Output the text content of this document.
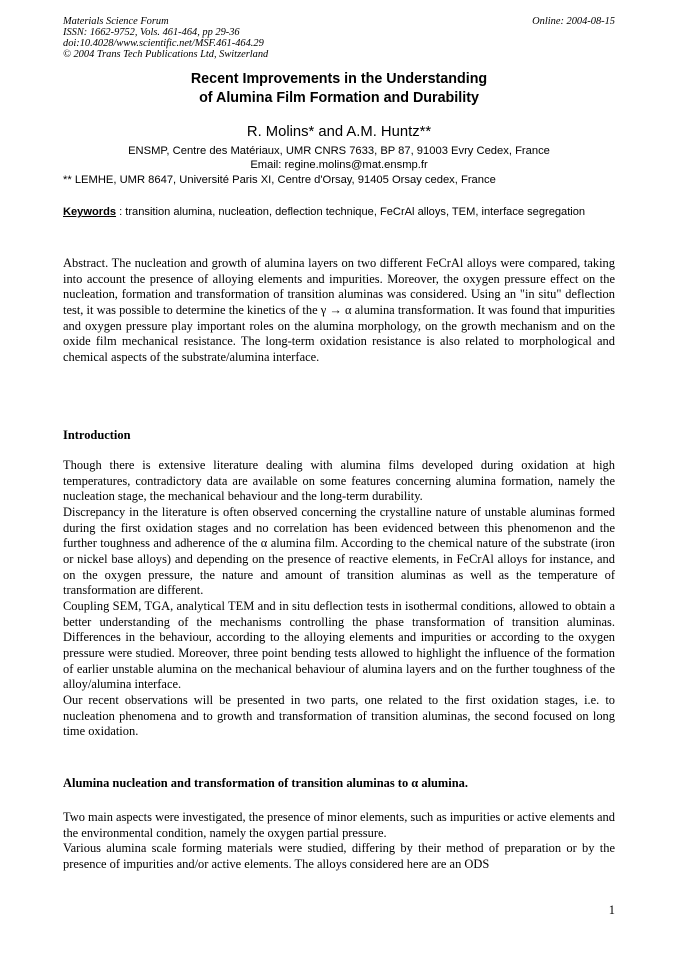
Materials Science Forum
ISSN: 1662-9752, Vols. 461-464, pp 29-36
doi:10.4028/www.scientific.net/MSF.461-464.29
© 2004 Trans Tech Publications Ltd, Switzerland
Online: 2004-08-15
Recent Improvements in the Understanding
of Alumina Film Formation and Durability
R. Molins* and A.M. Huntz**
ENSMP, Centre des Matériaux, UMR CNRS 7633, BP 87, 91003 Evry Cedex, France
Email: regine.molins@mat.ensmp.fr
** LEMHE, UMR 8647, Université Paris XI, Centre d'Orsay, 91405 Orsay cedex, France
Keywords : transition alumina, nucleation, deflection technique, FeCrAl alloys, TEM, interface segregation

Abstract. The nucleation and growth of alumina layers on two different FeCrAl alloys were compared, taking into account the presence of alloying elements and impurities. Moreover, the oxygen pressure effect on the nucleation, formation and transformation of transition aluminas was considered. Using an "in situ" deflection test, it was possible to determine the kinetics of the γ → α alumina transformation. It was found that impurities and oxygen pressure play important roles on the alumina morphology, on the growth mechanism and on the oxide film mechanical resistance. The long-term oxidation resistance is also related to morphological and chemical aspects of the substrate/alumina interface.

Introduction

Though there is extensive literature dealing with alumina films developed during oxidation at high temperatures, contradictory data are available on some features concerning alumina formation, namely the nucleation stage, the mechanical behaviour and the long-term durability.

Discrepancy in the literature is often observed concerning the crystalline nature of unstable aluminas formed during the first oxidation stages and no correlation has been evidenced between this phenomenon and the further toughness and adherence of the α alumina film. According to the chemical nature of the substrate (iron or nickel base alloys) and depending on the presence of reactive elements, in FeCrAl alloys for instance, and on the oxygen pressure, the nature and amount of transition aluminas as well as the temperature of transformation are different.

Coupling SEM, TGA, analytical TEM and in situ deflection tests in isothermal conditions, allowed to obtain a better understanding of the mechanisms controlling the phase transformation of transition aluminas. Differences in the behaviour, according to the alloying elements and impurities or according to the oxygen pressure were studied. Moreover, three point bending tests allowed to highlight the influence of the formation of earlier unstable alumina on the mechanical behaviour of alumina layers and on the further toughness of the alloy/alumina interface.

Our recent observations will be presented in two parts, one related to the first oxidation stages, i.e. to nucleation phenomena and to growth and transformation of transition aluminas, the second focused on long time oxidation.

Alumina nucleation and transformation of transition aluminas to α alumina.

Two main aspects were investigated, the presence of minor elements, such as impurities or active elements and the environmental condition, namely the oxygen partial pressure.

Various alumina scale forming materials were studied, differing by their method of preparation or by the presence of impurities and/or active elements. The alloys considered here are an ODS

1
